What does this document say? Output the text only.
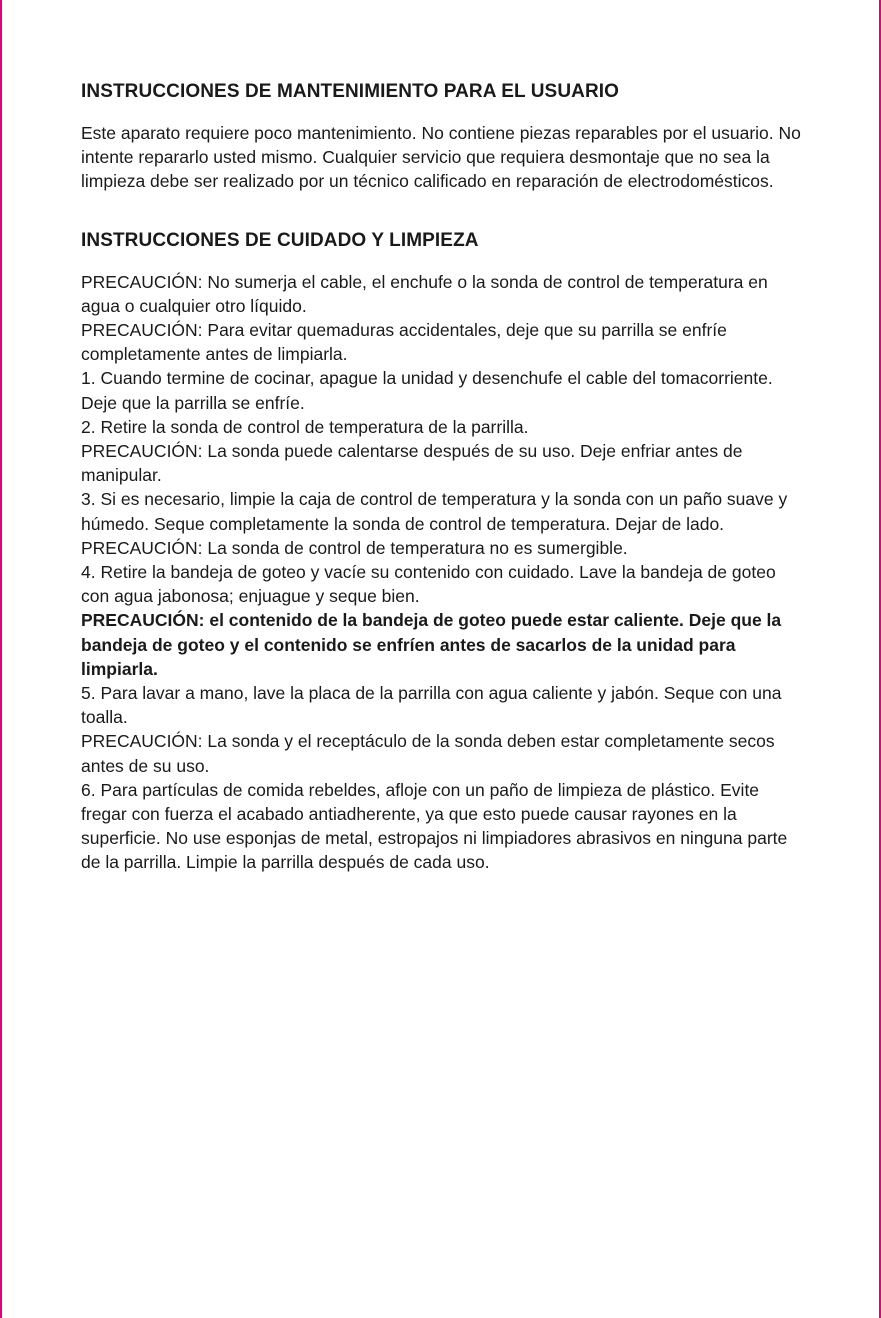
INSTRUCCIONES DE MANTENIMIENTO PARA EL USUARIO

Este aparato requiere poco mantenimiento. No contiene piezas reparables por el usuario. No intente repararlo usted mismo. Cualquier servicio que requiera desmontaje que no sea la limpieza debe ser realizado por un técnico calificado en reparación de electrodomésticos.

INSTRUCCIONES DE CUIDADO Y LIMPIEZA

PRECAUCIÓN: No sumerja el cable, el enchufe o la sonda de control de temperatura en agua o cualquier otro líquido.

PRECAUCIÓN: Para evitar quemaduras accidentales, deje que su parrilla se enfríe completamente antes de limpiarla.

1. Cuando termine de cocinar, apague la unidad y desenchufe el cable del tomacorriente. Deje que la parrilla se enfríe.

2. Retire la sonda de control de temperatura de la parrilla.

PRECAUCIÓN: La sonda puede calentarse después de su uso. Deje enfriar antes de manipular.

3. Si es necesario, limpie la caja de control de temperatura y la sonda con un paño suave y húmedo. Seque completamente la sonda de control de temperatura. Dejar de lado.

PRECAUCIÓN: La sonda de control de temperatura no es sumergible.

4. Retire la bandeja de goteo y vacíe su contenido con cuidado. Lave la bandeja de goteo con agua jabonosa; enjuague y seque bien.

PRECAUCIÓN: el contenido de la bandeja de goteo puede estar caliente. Deje que la bandeja de goteo y el contenido se enfríen antes de sacarlos de la unidad para limpiarla.

5. Para lavar a mano, lave la placa de la parrilla con agua caliente y jabón. Seque con una toalla.

PRECAUCIÓN: La sonda y el receptáculo de la sonda deben estar completamente secos antes de su uso.

6. Para partículas de comida rebeldes, afloje con un paño de limpieza de plástico. Evite fregar con fuerza el acabado antiadherente, ya que esto puede causar rayones en la superficie. No use esponjas de metal, estropajos ni limpiadores abrasivos en ninguna parte de la parrilla. Limpie la parrilla después de cada uso.
